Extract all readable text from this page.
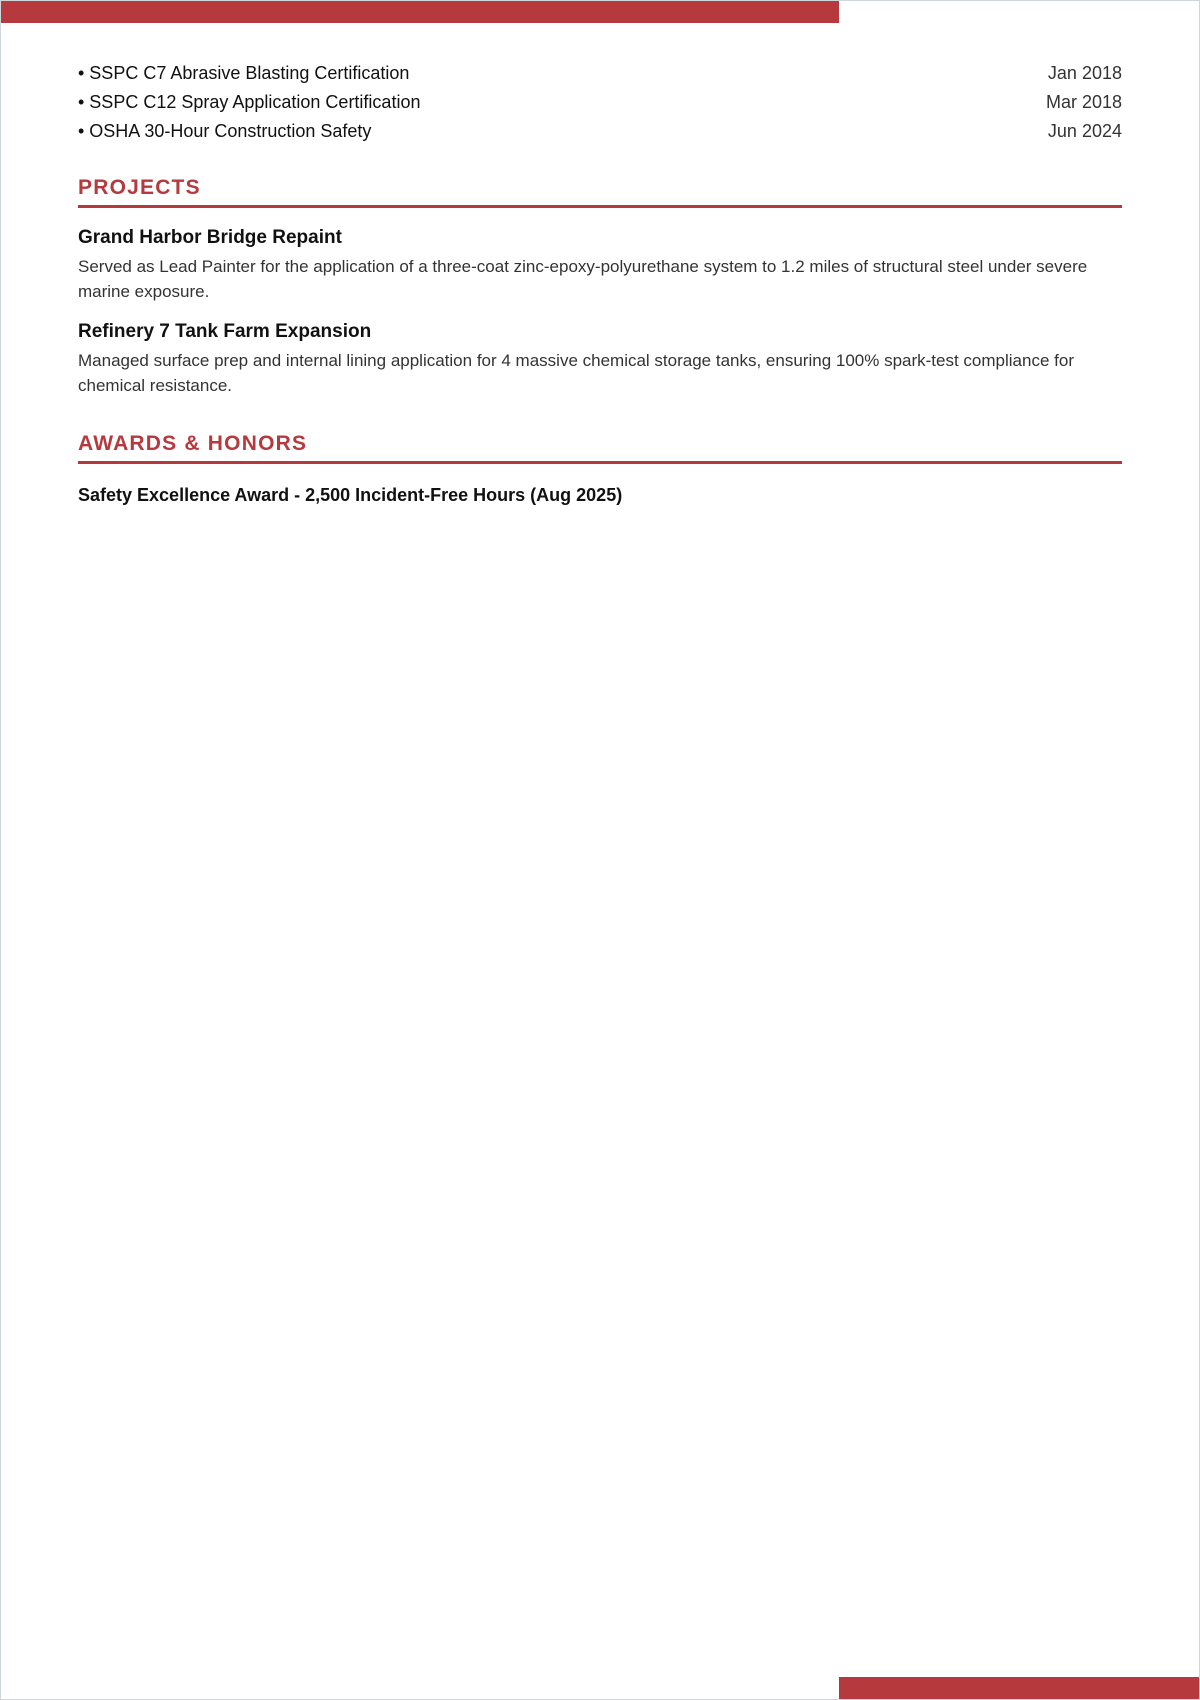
• SSPC C7 Abrasive Blasting Certification	Jan 2018
• SSPC C12 Spray Application Certification	Mar 2018
• OSHA 30-Hour Construction Safety	Jun 2024
PROJECTS
Grand Harbor Bridge Repaint
Served as Lead Painter for the application of a three-coat zinc-epoxy-polyurethane system to 1.2 miles of structural steel under severe marine exposure.
Refinery 7 Tank Farm Expansion
Managed surface prep and internal lining application for 4 massive chemical storage tanks, ensuring 100% spark-test compliance for chemical resistance.
AWARDS & HONORS
Safety Excellence Award - 2,500 Incident-Free Hours (Aug 2025)
